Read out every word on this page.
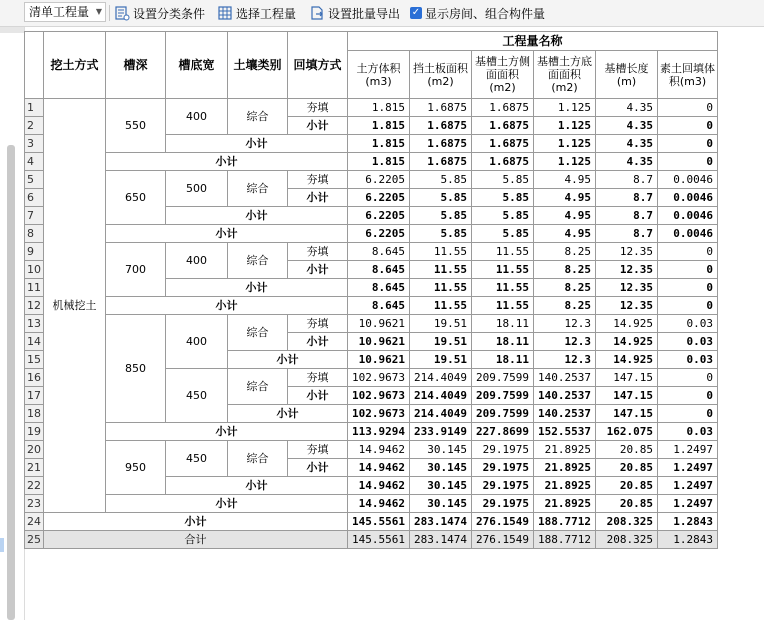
清单工程量 ▼	设置分类条件	选择工程量	设置批量导出 ✓ 显示房间、组合构件量
	挖土方式	槽深	槽底宽	土壤类别	回填方式	工程量名称					
						土方体积(m3)	挡土板面积(m2)	基槽土方侧面面积(m2)	基槽土方底面面积(m2)	基槽长度(m)	素土回填体积(m3)
1	机械挖土	550	400	综合	夯填	1.815	1.6875	1.6875	1.125	4.35	0
2					小计	1.815	1.6875	1.6875	1.125	4.35	0
3			小计			1.815	1.6875	1.6875	1.125	4.35	0
4		小计				1.815	1.6875	1.6875	1.125	4.35	0
5		650	500	综合	夯填	6.2205	5.85	5.85	4.95	8.7	0.0046
6					小计	6.2205	5.85	5.85	4.95	8.7	0.0046
7			小计			6.2205	5.85	5.85	4.95	8.7	0.0046
8		小计				6.2205	5.85	5.85	4.95	8.7	0.0046
9		700	400	综合	夯填	8.645	11.55	11.55	8.25	12.35	0
10					小计	8.645	11.55	11.55	8.25	12.35	0
11			小计			8.645	11.55	11.55	8.25	12.35	0
12		小计				8.645	11.55	11.55	8.25	12.35	0
13		850	400	综合	夯填	10.9621	19.51	18.11	12.3	14.925	0.03
14					小计	10.9621	19.51	18.11	12.3	14.925	0.03
15				小计		10.9621	19.51	18.11	12.3	14.925	0.03
16			450	综合	夯填	102.9673	214.4049	209.7599	140.2537	147.15	0
17					小计	102.9673	214.4049	209.7599	140.2537	147.15	0
18				小计		102.9673	214.4049	209.7599	140.2537	147.15	0
19		小计				113.9294	233.9149	227.8699	152.5537	162.075	0.03
20		950	450	综合	夯填	14.9462	30.145	29.1975	21.8925	20.85	1.2497
21					小计	14.9462	30.145	29.1975	21.8925	20.85	1.2497
22			小计			14.9462	30.145	29.1975	21.8925	20.85	1.2497
23		小计				14.9462	30.145	29.1975	21.8925	20.85	1.2497
24	小计					145.5561	283.1474	276.1549	188.7712	208.325	1.2843
25	合计					145.5561	283.1474	276.1549	188.7712	208.325	1.2843
